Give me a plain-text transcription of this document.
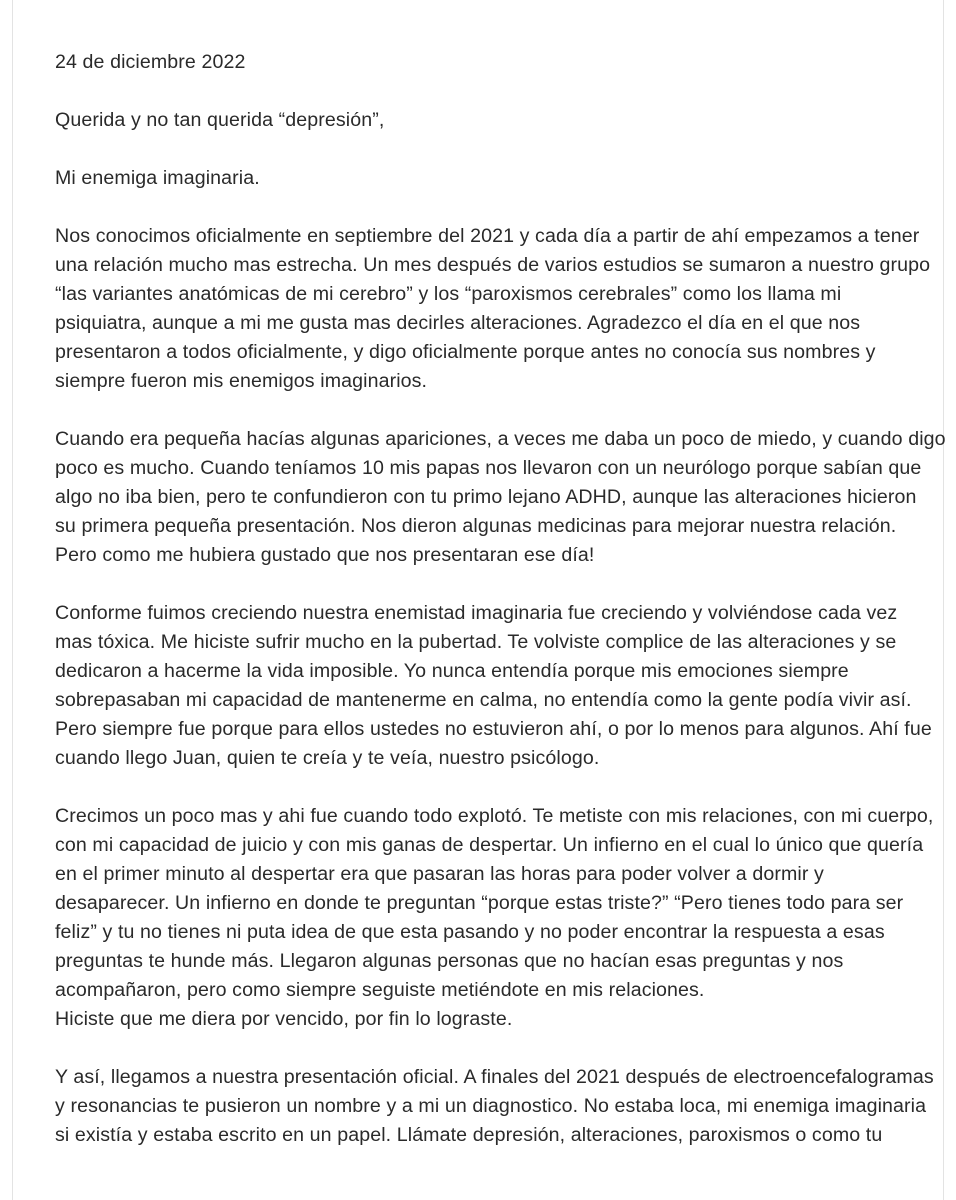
24 de diciembre 2022

Querida y no tan querida “depresión”,

Mi enemiga imaginaria.

Nos conocimos oficialmente en septiembre del 2021 y cada día a partir de ahí empezamos a tener
una relación mucho mas estrecha. Un mes después de varios estudios se sumaron a nuestro grupo
“las variantes anatómicas de mi cerebro” y los “paroxismos cerebrales” como los llama mi
psiquiatra, aunque a mi me gusta mas decirles alteraciones. Agradezco el día en el que nos
presentaron a todos oficialmente, y digo oficialmente porque antes no conocía sus nombres y
siempre fueron mis enemigos imaginarios.

Cuando era pequeña hacías algunas apariciones, a veces me daba un poco de miedo, y cuando digo
poco es mucho. Cuando teníamos 10 mis papas nos llevaron con un neurólogo porque sabían que
algo no iba bien, pero te confundieron con tu primo lejano ADHD, aunque las alteraciones hicieron
su primera pequeña presentación. Nos dieron algunas medicinas para mejorar nuestra relación.
Pero como me hubiera gustado que nos presentaran ese día!

Conforme fuimos creciendo nuestra enemistad imaginaria fue creciendo y volviéndose cada vez
mas tóxica. Me hiciste sufrir mucho en la pubertad. Te volviste complice de las alteraciones y se
dedicaron a hacerme la vida imposible. Yo nunca entendía porque mis emociones siempre
sobrepasaban mi capacidad de mantenerme en calma, no entendía como la gente podía vivir así.
Pero siempre fue porque para ellos ustedes no estuvieron ahí, o por lo menos para algunos. Ahí fue
cuando llego Juan, quien te creía y te veía, nuestro psicólogo.

Crecimos un poco mas y ahi fue cuando todo explotó. Te metiste con mis relaciones, con mi cuerpo,
con mi capacidad de juicio y con mis ganas de despertar. Un infierno en el cual lo único que quería
en el primer minuto al despertar era que pasaran las horas para poder volver a dormir y
desaparecer. Un infierno en donde te preguntan “porque estas triste?” “Pero tienes todo para ser
feliz” y tu no tienes ni puta idea de que esta pasando y no poder encontrar la respuesta a esas
preguntas te hunde más. Llegaron algunas personas que no hacían esas preguntas y nos
acompañaron, pero como siempre seguiste metiéndote en mis relaciones.
Hiciste que me diera por vencido, por fin lo lograste.

Y así, llegamos a nuestra presentación oficial. A finales del 2021 después de electroencefalogramas
y resonancias te pusieron un nombre y a mi un diagnostico. No estaba loca, mi enemiga imaginaria
si existía y estaba escrito en un papel. Llámate depresión, alteraciones, paroxismos o como tu
